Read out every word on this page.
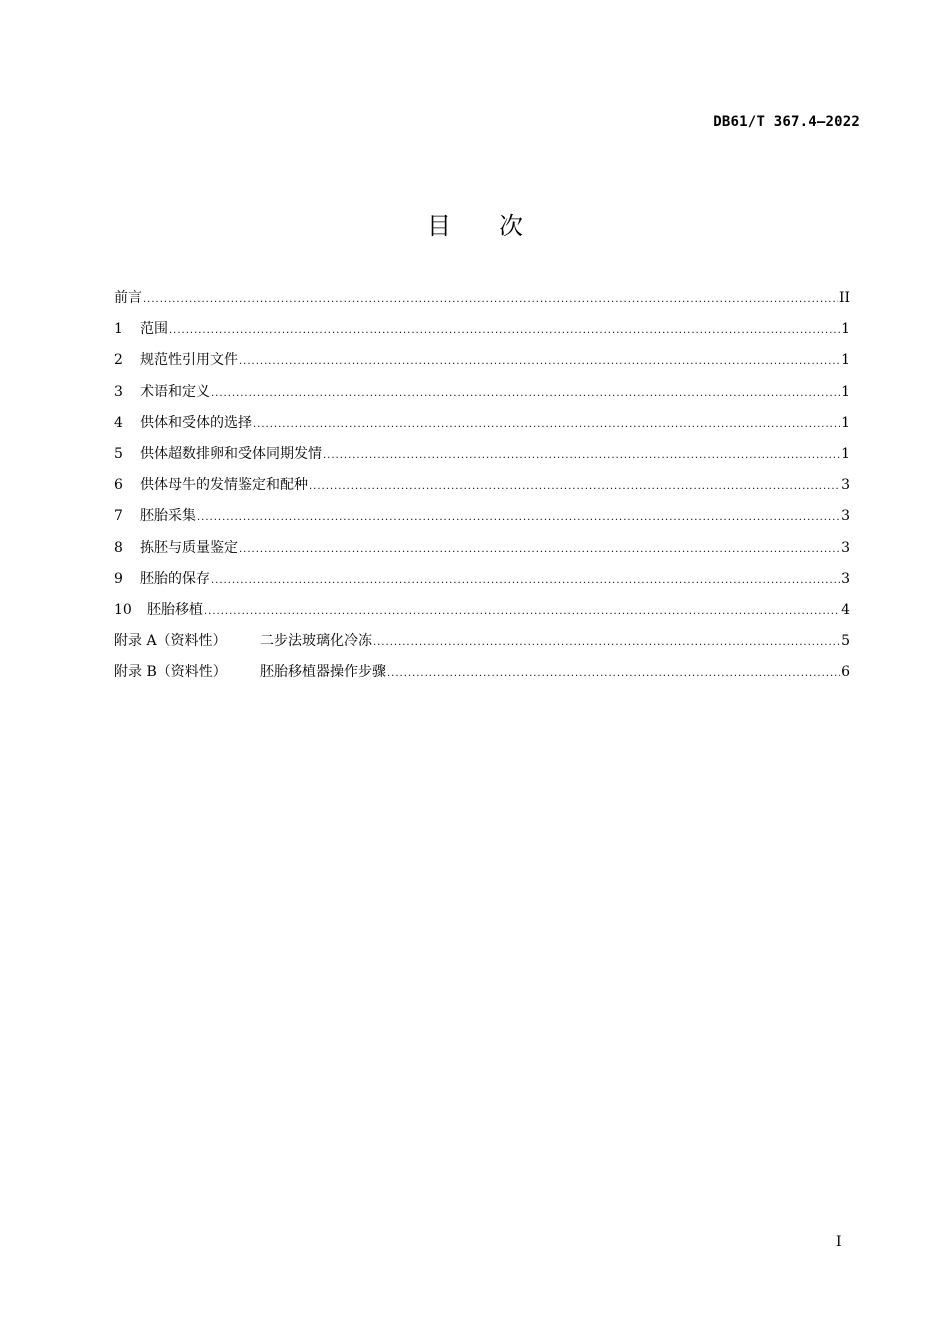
DB61/T 367.4—2022
目次
前言 .....	II
1	范围 .....	1
2	规范性引用文件 .....	1
3	术语和定义 .....	1
4	供体和受体的选择 .....	1
5	供体超数排卵和受体同期发情 .....	1
6	供体母牛的发情鉴定和配种 .....	3
7	胚胎采集 .....	3
8	拣胚与质量鉴定 .....	3
9	胚胎的保存 .....	3
10	胚胎移植 .....	4
附录 A（资料性）	二步法玻璃化冷冻 .....	5
附录 B（资料性）	胚胎移植器操作步骤 .....	6
I
